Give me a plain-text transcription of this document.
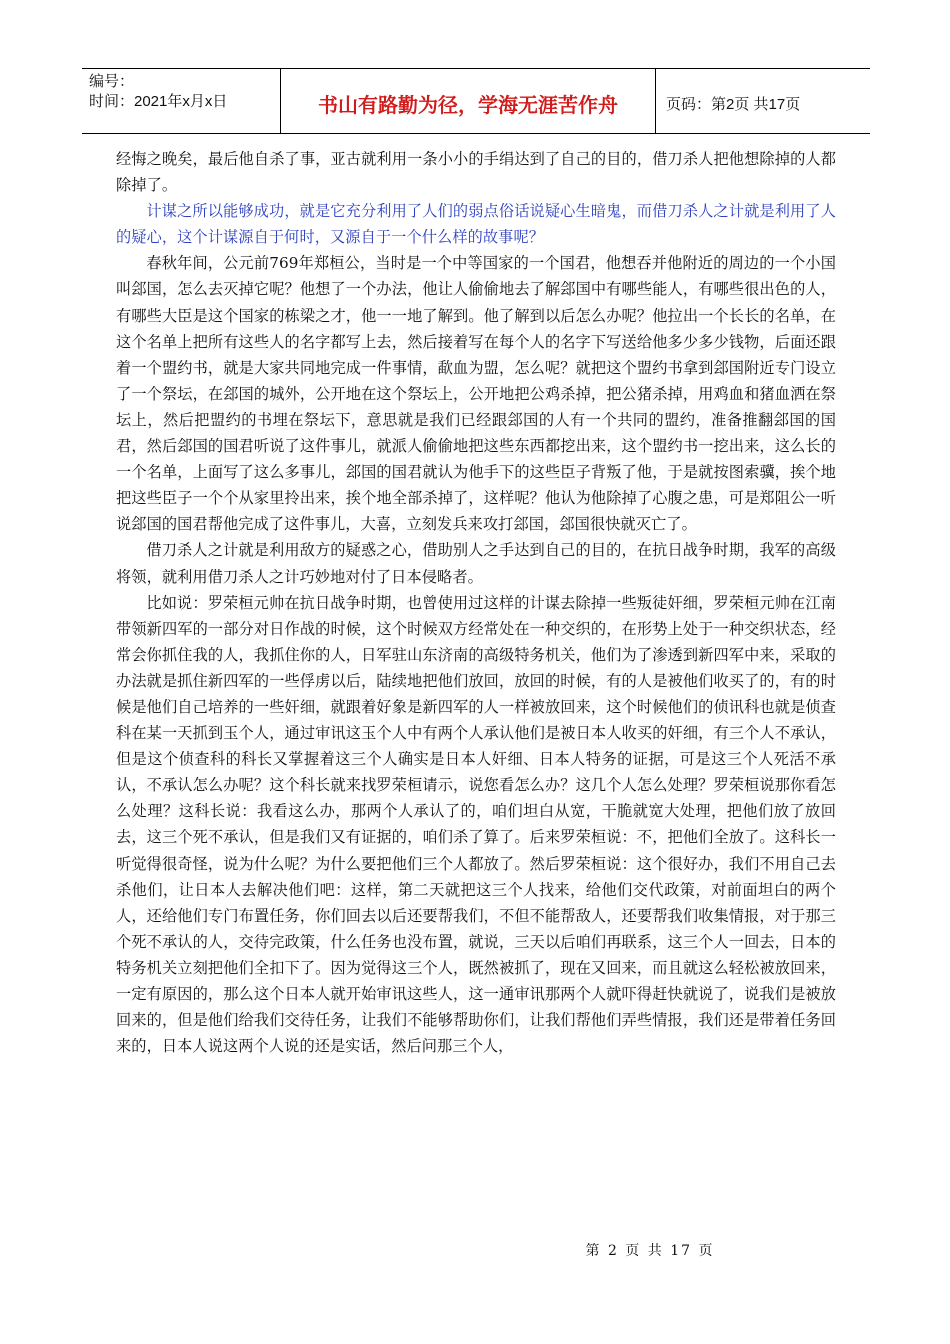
编号：
时间：2021年x月x日	书山有路勤为径，学海无涯苦作舟	页码：第2页 共17页

经悔之晚矣，最后他自杀了事，亚古就利用一条小小的手绢达到了自己的目的，借刀杀人把他想除掉的人都除掉了。

计谋之所以能够成功，就是它充分利用了人们的弱点俗话说疑心生暗鬼，而借刀杀人之计就是利用了人的疑心，这个计谋源自于何时，又源自于一个什么样的故事呢？

春秋年间，公元前769年郑桓公，当时是一个中等国家的一个国君，他想吞并他附近的周边的一个小国叫郐国，怎么去灭掉它呢？他想了一个办法，他让人偷偷地去了解郐国中有哪些能人，有哪些很出色的人，有哪些大臣是这个国家的栋梁之才，他一一地了解到。他了解到以后怎么办呢？他拉出一个长长的名单，在这个名单上把所有这些人的名字都写上去，然后接着写在每个人的名字下写送给他多少多少钱物，后面还跟着一个盟约书，就是大家共同地完成一件事情，歃血为盟，怎么呢？就把这个盟约书拿到郐国附近专门设立了一个祭坛，在郐国的城外，公开地在这个祭坛上，公开地把公鸡杀掉，把公猪杀掉，用鸡血和猪血洒在祭坛上，然后把盟约的书埋在祭坛下，意思就是我们已经跟郐国的人有一个共同的盟约，准备推翻郐国的国君，然后郐国的国君听说了这件事儿，就派人偷偷地把这些东西都挖出来，这个盟约书一挖出来，这么长的一个名单，上面写了这么多事儿，郐国的国君就认为他手下的这些臣子背叛了他，于是就按图索骥，挨个地把这些臣子一个个从家里拎出来，挨个地全部杀掉了，这样呢？他认为他除掉了心腹之患，可是郑阻公一听说郐国的国君帮他完成了这件事儿，大喜，立刻发兵来攻打郐国，郐国很快就灭亡了。

借刀杀人之计就是利用敌方的疑惑之心，借助别人之手达到自己的目的，在抗日战争时期，我军的高级将领，就利用借刀杀人之计巧妙地对付了日本侵略者。

比如说：罗荣桓元帅在抗日战争时期，也曾使用过这样的计谋去除掉一些叛徒奸细，罗荣桓元帅在江南带领新四军的一部分对日作战的时候，这个时候双方经常处在一种交织的，在形势上处于一种交织状态，经常会你抓住我的人，我抓住你的人，日军驻山东济南的高级特务机关，他们为了渗透到新四军中来，采取的办法就是抓住新四军的一些俘虏以后，陆续地把他们放回，放回的时候，有的人是被他们收买了的，有的时候是他们自己培养的一些奸细，就跟着好象是新四军的人一样被放回来，这个时候他们的侦讯科也就是侦查科在某一天抓到玉个人，通过审讯这玉个人中有两个人承认他们是被日本人收买的奸细，有三个人不承认，但是这个侦查科的科长又掌握着这三个人确实是日本人奸细、日本人特务的证据，可是这三个人死活不承认，不承认怎么办呢？这个科长就来找罗荣桓请示，说您看怎么办？这几个人怎么处理？罗荣桓说那你看怎么处理？这科长说：我看这么办，那两个人承认了的，咱们坦白从宽，干脆就宽大处理，把他们放了放回去，这三个死不承认，但是我们又有证据的，咱们杀了算了。后来罗荣桓说：不，把他们全放了。这科长一听觉得很奇怪，说为什么呢？为什么要把他们三个人都放了。然后罗荣桓说：这个很好办，我们不用自己去杀他们，让日本人去解决他们吧：这样，第二天就把这三个人找来，给他们交代政策，对前面坦白的两个人，还给他们专门布置任务，你们回去以后还要帮我们，不但不能帮敌人，还要帮我们收集情报，对于那三个死不承认的人，交待完政策，什么任务也没布置，就说，三天以后咱们再联系，这三个人一回去，日本的特务机关立刻把他们全扣下了。因为觉得这三个人，既然被抓了，现在又回来，而且就这么轻松被放回来，一定有原因的，那么这个日本人就开始审讯这些人，这一通审讯那两个人就吓得赶快就说了，说我们是被放回来的，但是他们给我们交待任务，让我们不能够帮助你们，让我们帮他们弄些情报，我们还是带着任务回来的，日本人说这两个人说的还是实话，然后问那三个人，

第 2 页 共 17 页
